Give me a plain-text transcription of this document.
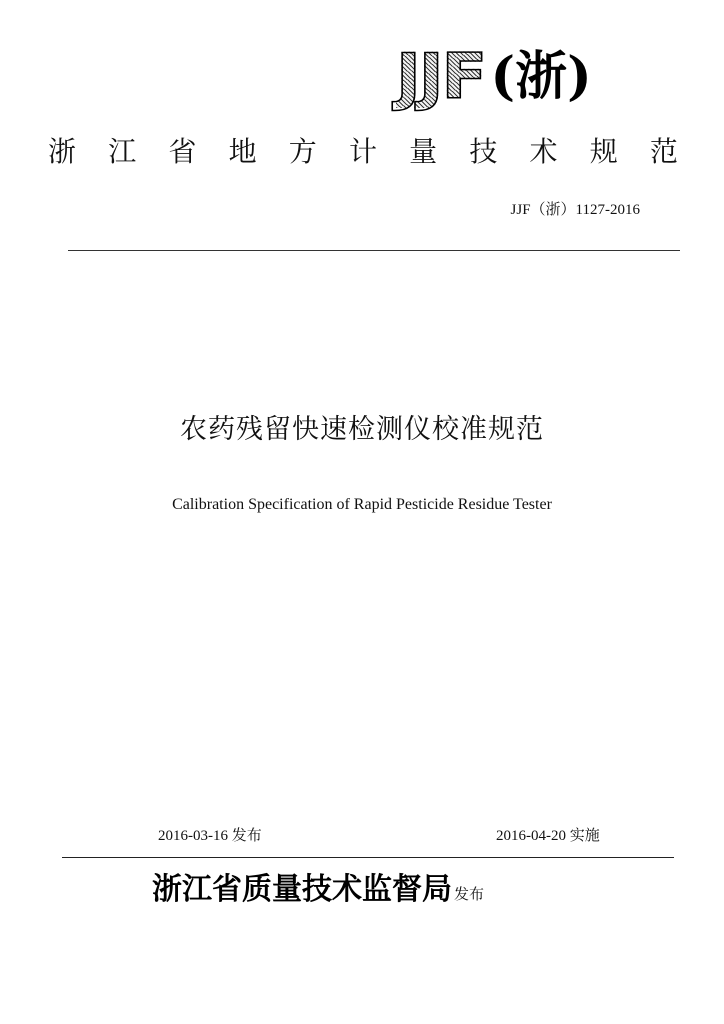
JJF (浙)
浙 江 省 地 方 计 量 技 术 规 范
JJF（浙）1127-2016
农药残留快速检测仪校准规范
Calibration Specification of Rapid Pesticide Residue Tester
2016-03-16 发布	2016-04-20 实施
浙江省质量技术监督局 发布
